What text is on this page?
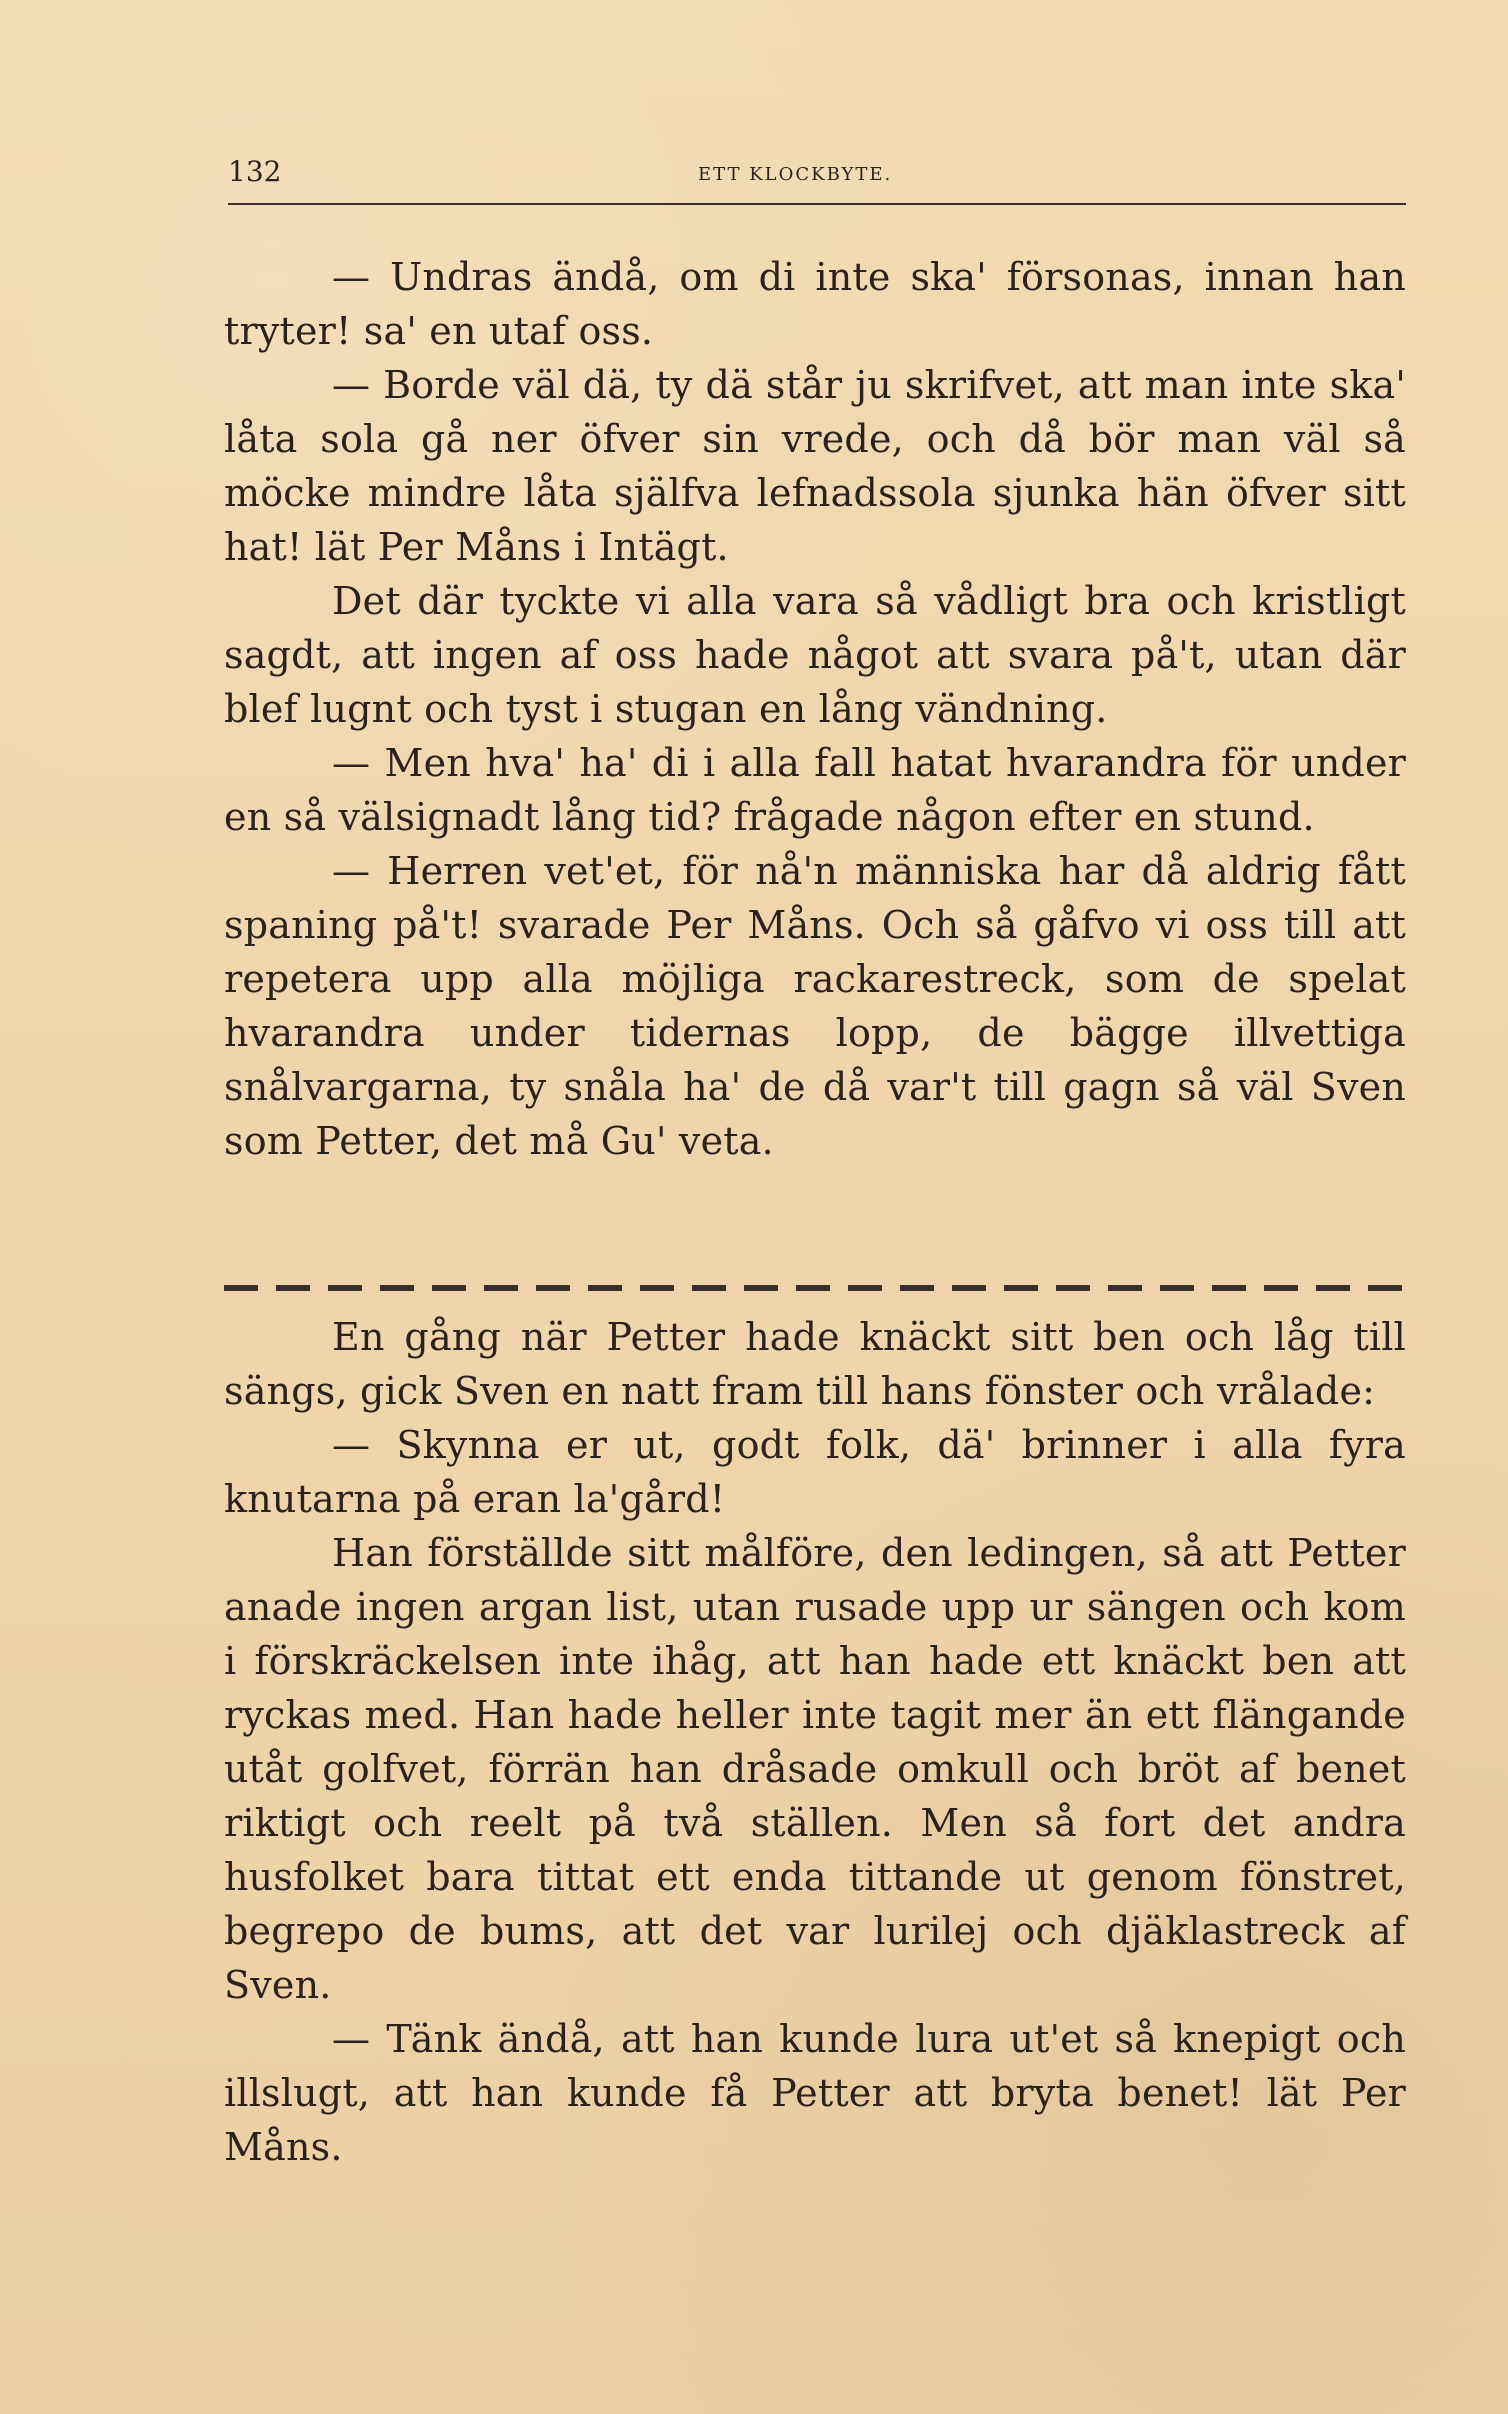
132	ETT KLOCKBYTE.

— Undras ändå, om di inte ska' försonas, innan han tryter! sa' en utaf oss.

— Borde väl dä, ty dä står ju skrifvet, att man inte ska' låta sola gå ner öfver sin vrede, och då bör man väl så möcke mindre låta själfva lefnadssola sjunka hän öfver sitt hat! lät Per Måns i Intägt.

Det där tyckte vi alla vara så vådligt bra och kristligt sagdt, att ingen af oss hade något att svara på't, utan där blef lugnt och tyst i stugan en lång vändning.

— Men hva' ha' di i alla fall hatat hvarandra för under en så välsignadt lång tid? frågade någon efter en stund.

— Herren vet'et, för nå'n människa har då aldrig fått spaning på't! svarade Per Måns. Och så gåfvo vi oss till att repetera upp alla möjliga rackarestreck, som de spelat hvarandra under tidernas lopp, de bägge illvettiga snålvargarna, ty snåla ha' de då var't till gagn så väl Sven som Petter, det må Gu' veta.

En gång när Petter hade knäckt sitt ben och låg till sängs, gick Sven en natt fram till hans fönster och vrålade:

— Skynna er ut, godt folk, dä' brinner i alla fyra knutarna på eran la'gård!

Han förställde sitt målföre, den ledingen, så att Petter anade ingen argan list, utan rusade upp ur sängen och kom i förskräckelsen inte ihåg, att han hade ett knäckt ben att ryckas med. Han hade heller inte tagit mer än ett flängande utåt golfvet, förrän han dråsade omkull och bröt af benet riktigt och reelt på två ställen. Men så fort det andra husfolket bara tittat ett enda tittande ut genom fönstret, begrepo de bums, att det var lurilej och djäklastreck af Sven.

— Tänk ändå, att han kunde lura ut'et så knepigt och illslugt, att han kunde få Petter att bryta benet! lät Per Måns.
